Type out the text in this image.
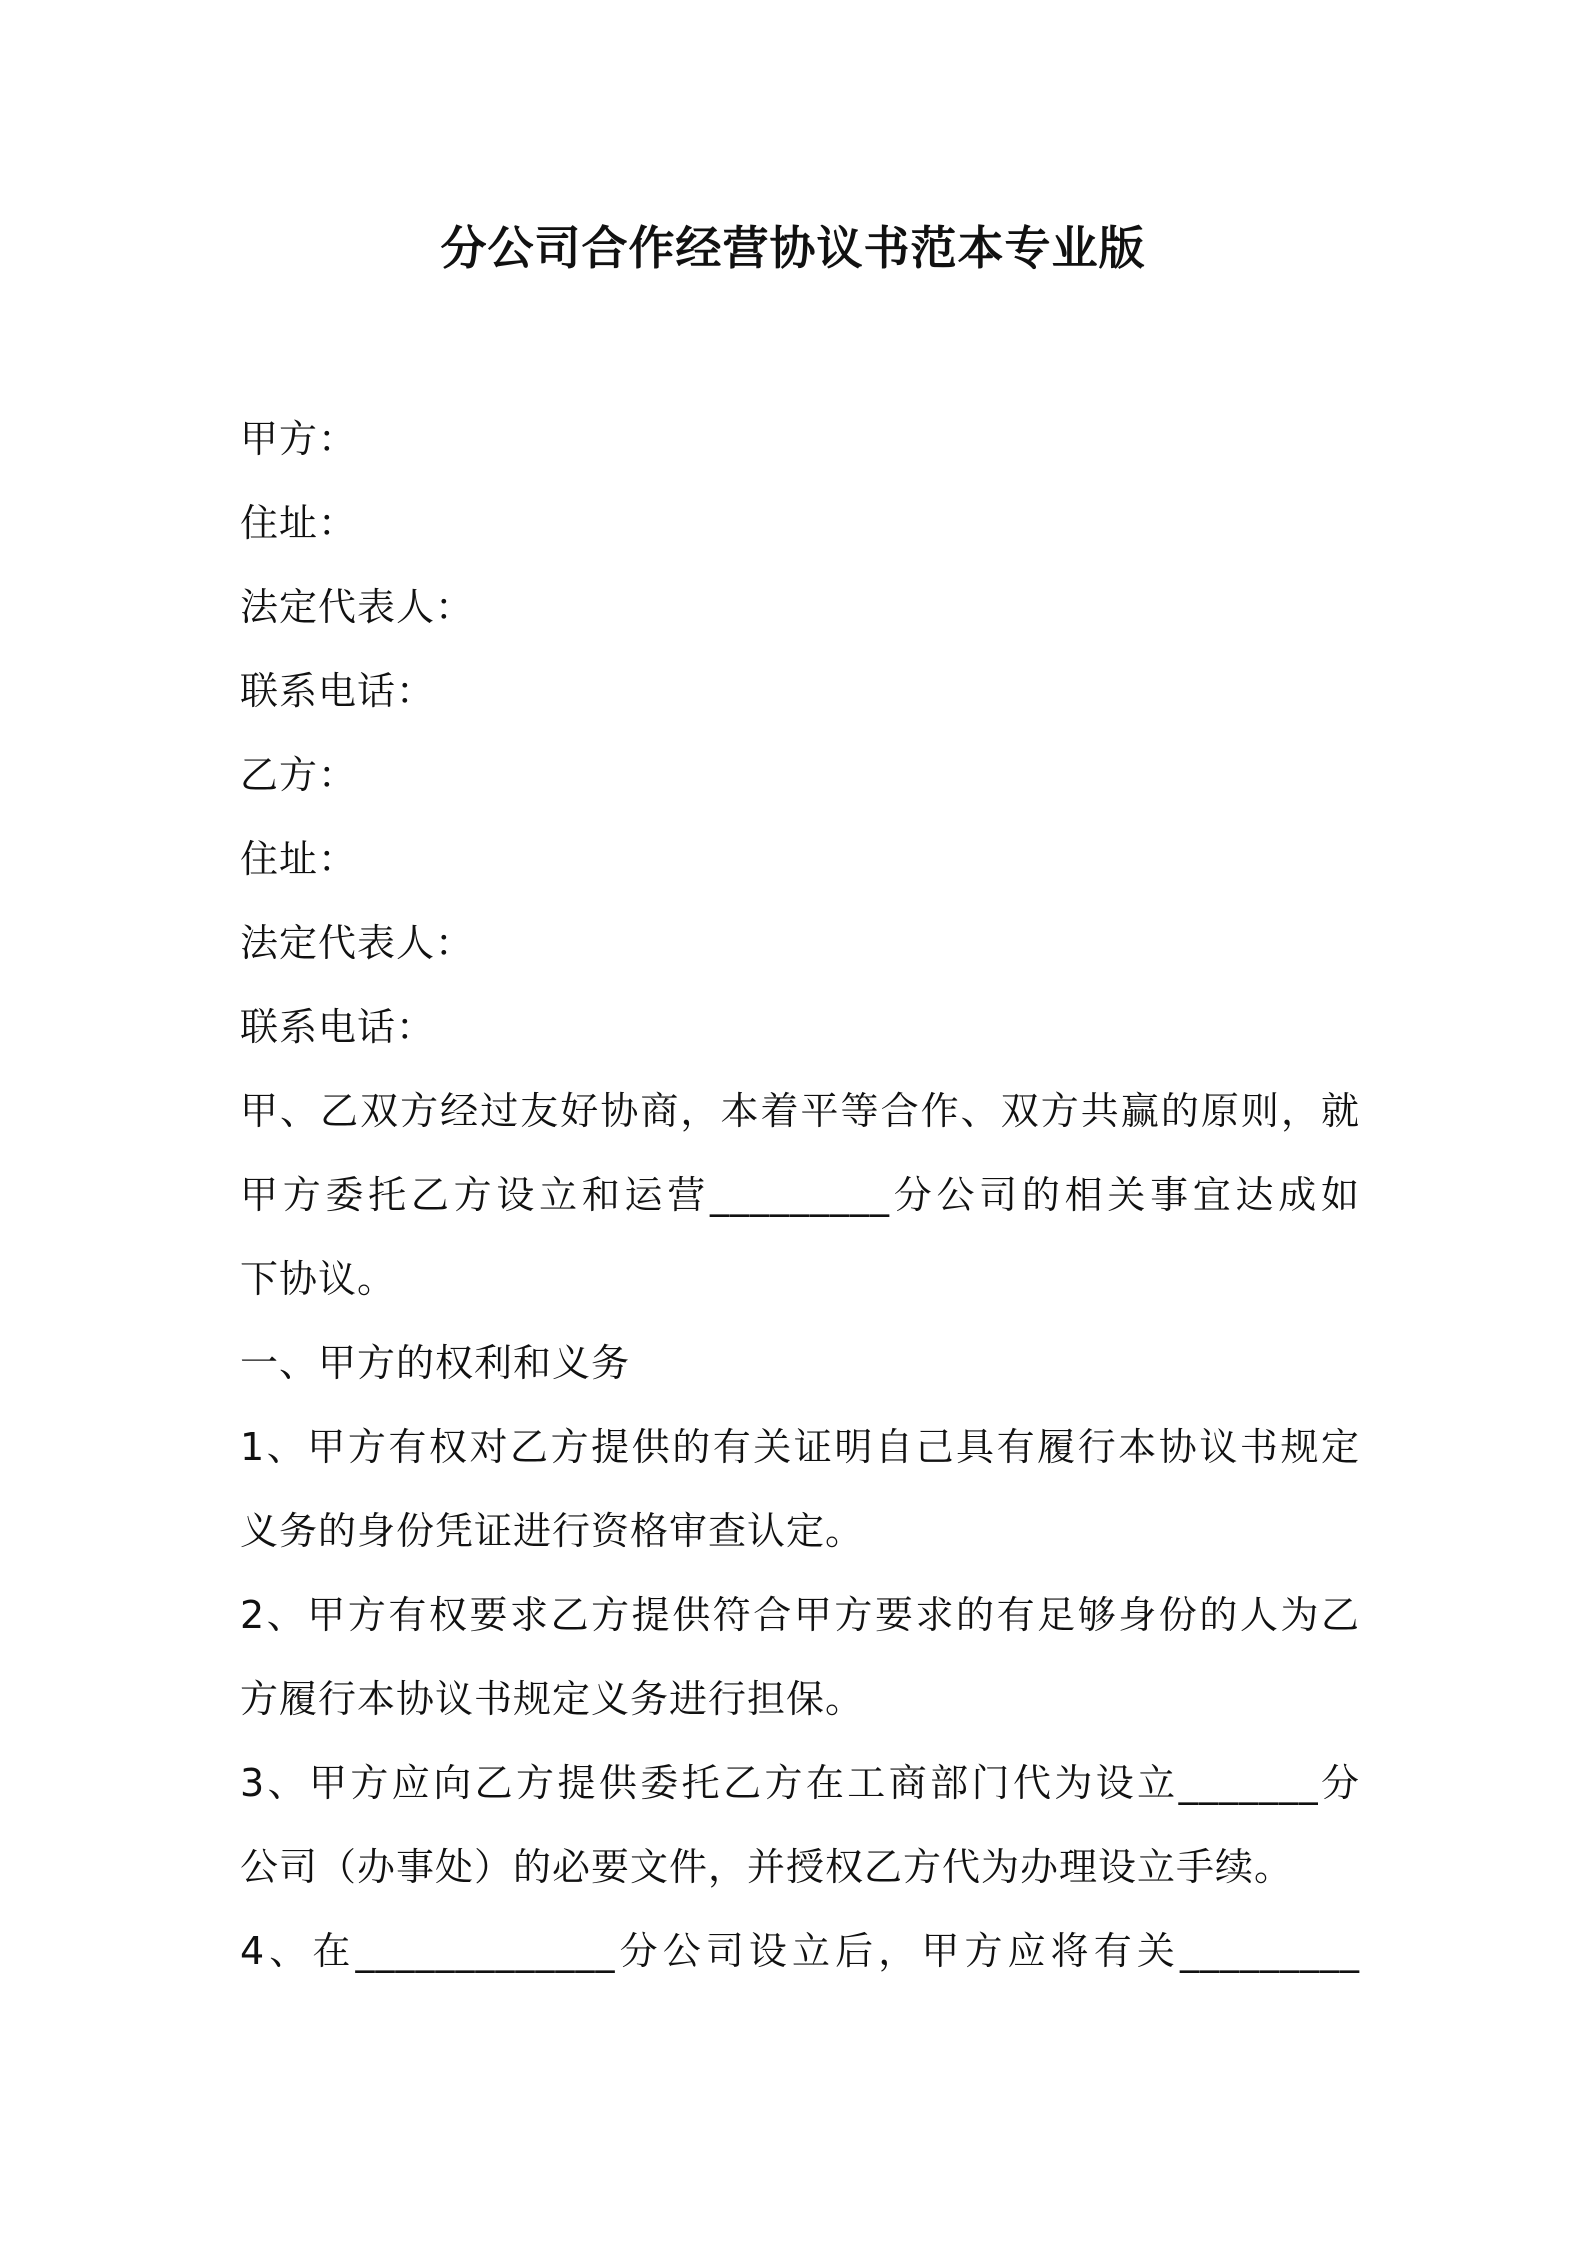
分公司合作经营协议书范本专业版
甲方：
住址：
法定代表人：
联系电话：
乙方：
住址：
法定代表人：
联系电话：
甲、乙双方经过友好协商，本着平等合作、双方共赢的原则，就
甲方委托乙方设立和运营_________分公司的相关事宜达成如
下协议。
一、甲方的权利和义务
1、甲方有权对乙方提供的有关证明自己具有履行本协议书规定
义务的身份凭证进行资格审查认定。
2、甲方有权要求乙方提供符合甲方要求的有足够身份的人为乙
方履行本协议书规定义务进行担保。
3、甲方应向乙方提供委托乙方在工商部门代为设立_______分
公司（办事处）的必要文件，并授权乙方代为办理设立手续。
4、在_____________分公司设立后，甲方应将有关_________
